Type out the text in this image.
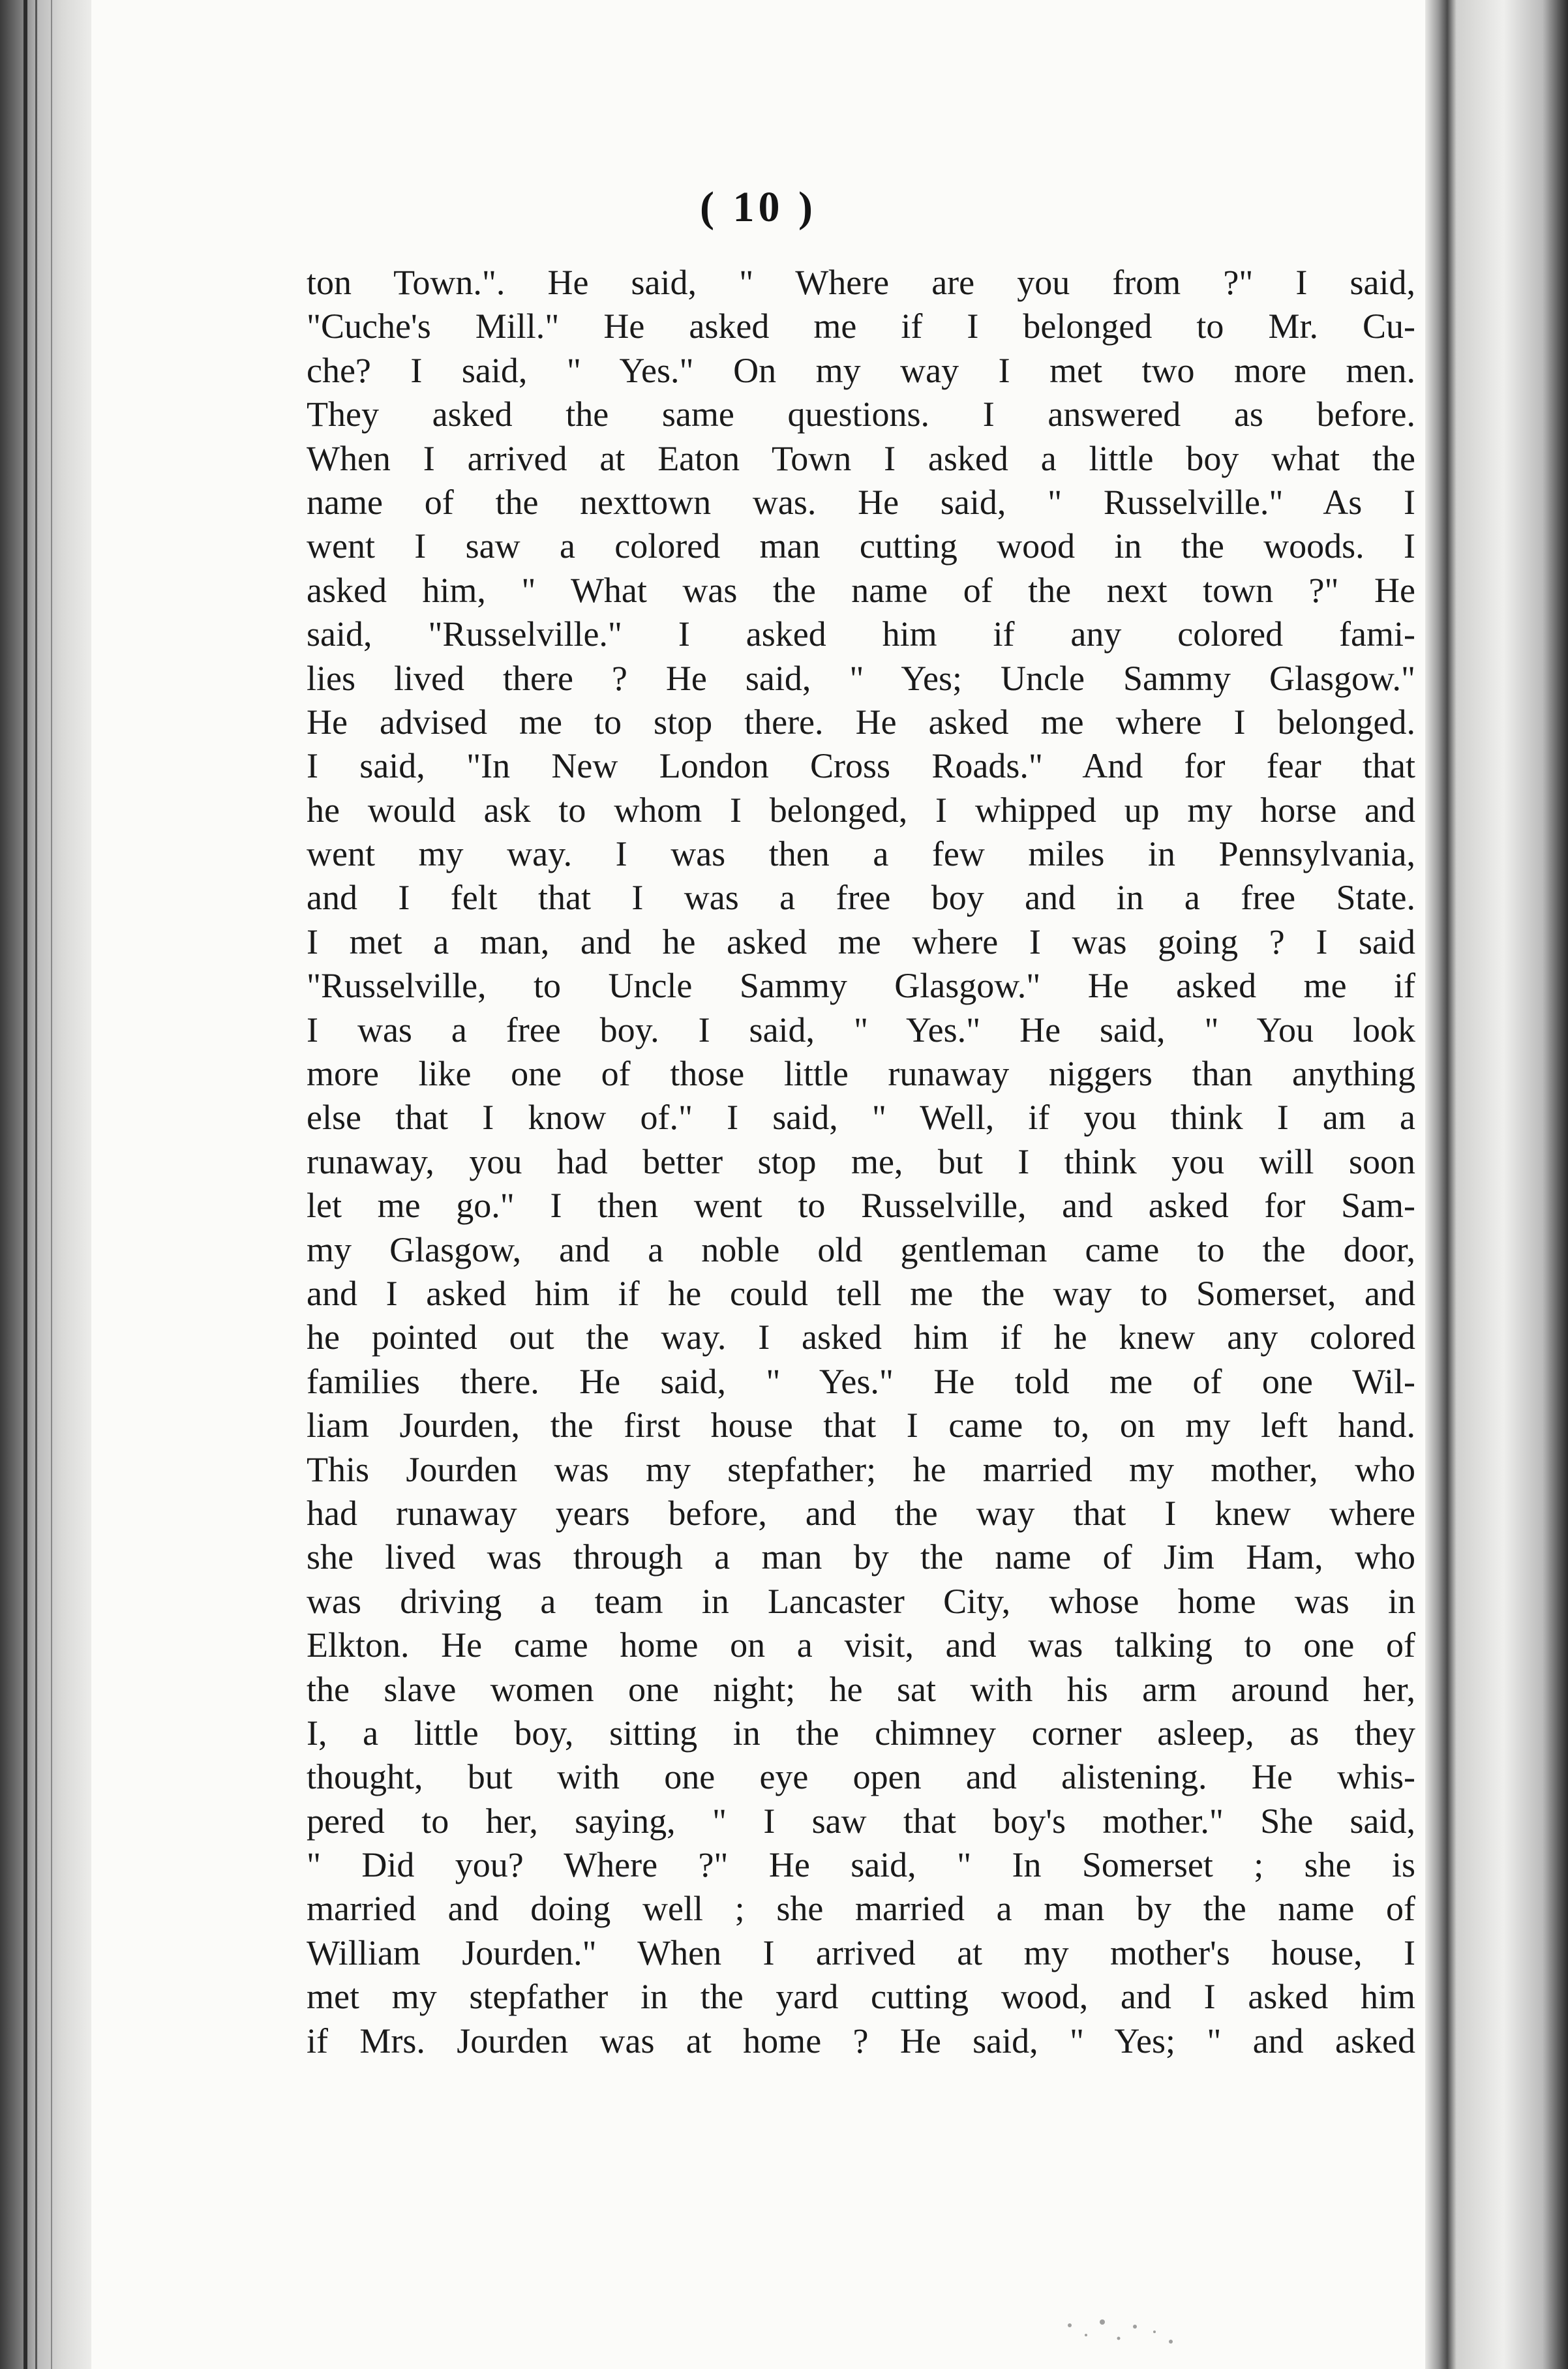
( 10 )
ton Town.". He said, " Where are you from ?" I said,
"Cuche's Mill." He asked me if I belonged to Mr. Cu-
che? I said, " Yes." On my way I met two more men.
They asked the same questions. I answered as before.
When I arrived at Eaton Town I asked a little boy what the
name of the nexttown was. He said, " Russelville." As I
went I saw a colored man cutting wood in the woods. I
asked him, " What was the name of the next town ?" He
said, "Russelville." I asked him if any colored fami-
lies lived there ? He said, " Yes; Uncle Sammy Glasgow."
He advised me to stop there. He asked me where I belonged.
I said, "In New London Cross Roads." And for fear that
he would ask to whom I belonged, I whipped up my horse and
went my way. I was then a few miles in Pennsylvania,
and I felt that I was a free boy and in a free State.
I met a man, and he asked me where I was going ? I said
"Russelville, to Uncle Sammy Glasgow." He asked me if
I was a free boy. I said, " Yes." He said, " You look
more like one of those little runaway niggers than anything
else that I know of." I said, " Well, if you think I am a
runaway, you had better stop me, but I think you will soon
let me go." I then went to Russelville, and asked for Sam-
my Glasgow, and a noble old gentleman came to the door,
and I asked him if he could tell me the way to Somerset, and
he pointed out the way. I asked him if he knew any colored
families there. He said, " Yes." He told me of one Wil-
liam Jourden, the first house that I came to, on my left hand.
This Jourden was my stepfather; he married my mother, who
had runaway years before, and the way that I knew where
she lived was through a man by the name of Jim Ham, who
was driving a team in Lancaster City, whose home was in
Elkton. He came home on a visit, and was talking to one of
the slave women one night; he sat with his arm around her,
I, a little boy, sitting in the chimney corner asleep, as they
thought, but with one eye open and alistening. He whis-
pered to her, saying, " I saw that boy's mother." She said,
" Did you? Where ?" He said, " In Somerset ; she is
married and doing well ; she married a man by the name of
William Jourden." When I arrived at my mother's house, I
met my stepfather in the yard cutting wood, and I asked him
if Mrs. Jourden was at home ? He said, " Yes; " and asked
